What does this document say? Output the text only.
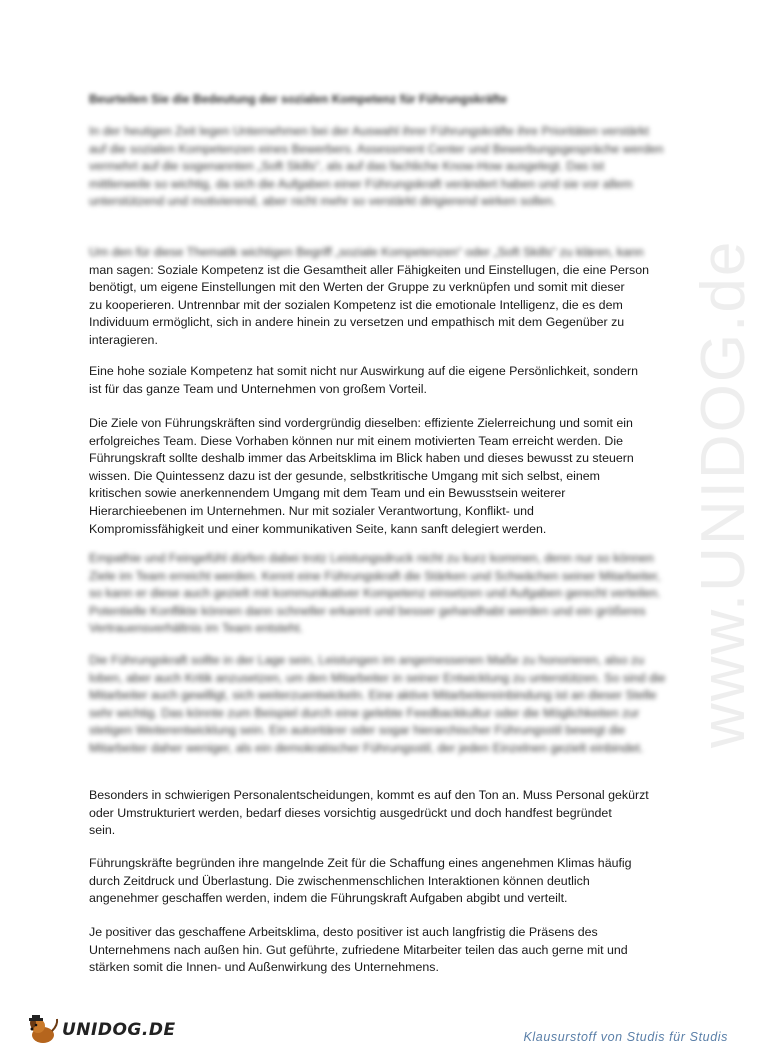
Beurteilen Sie die Bedeutung der sozialen Kompetenz für Führungskräfte

In der heutigen Zeit legen Unternehmen bei der Auswahl ihrer Führungskräfte ihre Prioritäten verstärkt auf die sozialen Kompetenzen eines Bewerbers. Assessment Center und Bewerbungsgespräche werden vermehrt auf die sogenannten „Soft Skills“, als auf das fachliche Know-How ausgelegt. Das ist mittlerweile so wichtig, da sich die Aufgaben einer Führungskraft verändert haben und sie vor allem unterstützend und motivierend, aber nicht mehr so verstärkt dirigierend wirken sollen.

Um den für diese Thematik wichtigen Begriff „soziale Kompetenzen“ oder „Soft Skills“ zu klären, kann
man sagen: Soziale Kompetenz ist die Gesamtheit aller Fähigkeiten und Einstellugen, die eine Person
benötigt, um eigene Einstellungen mit den Werten der Gruppe zu verknüpfen und somit mit dieser
zu kooperieren. Untrennbar mit der sozialen Kompetenz ist die emotionale Intelligenz, die es dem
Individuum ermöglicht, sich in andere hinein zu versetzen und empathisch mit dem Gegenüber zu
interagieren.
Eine hohe soziale Kompetenz hat somit nicht nur Auswirkung auf die eigene Persönlichkeit, sondern
ist für das ganze Team und Unternehmen von großem Vorteil.
Die Ziele von Führungskräften sind vordergründig dieselben: effiziente Zielerreichung und somit ein
erfolgreiches Team. Diese Vorhaben können nur mit einem motivierten Team erreicht werden. Die
Führungskraft sollte deshalb immer das Arbeitsklima im Blick haben und dieses bewusst zu steuern
wissen. Die Quintessenz dazu ist der gesunde, selbstkritische Umgang mit sich selbst, einem
kritischen sowie anerkennendem Umgang mit dem Team und ein Bewusstsein weiterer
Hierarchieebenen im Unternehmen. Nur mit sozialer Verantwortung, Konflikt- und
Kompromissfähigkeit und einer kommunikativen Seite, kann sanft delegiert werden.

Empathie und Feingefühl dürfen dabei trotz Leistungsdruck nicht zu kurz kommen, denn nur so können Ziele im Team erreicht werden. Kennt eine Führungskraft die Stärken und Schwächen seiner Mitarbeiter, so kann er diese auch gezielt mit kommunikativer Kompetenz einsetzen und Aufgaben gerecht verteilen. Potentielle Konflikte können dann schneller erkannt und besser gehandhabt werden und ein größeres Vertrauensverhältnis im Team entsteht.

Die Führungskraft sollte in der Lage sein, Leistungen im angemessenen Maße zu honorieren, also zu loben, aber auch Kritik anzusetzen, um den Mitarbeiter in seiner Entwicklung zu unterstützen. So sind die Mitarbeiter auch gewilligt, sich weiterzuentwickeln. Eine aktive Mitarbeitereinbindung ist an dieser Stelle sehr wichtig. Das könnte zum Beispiel durch eine gelebte Feedbackkultur oder die Möglichkeiten zur stetigen Weiterentwicklung sein. Ein autoritärer oder sogar hierarchischer Führungsstil bewegt die Mitarbeiter daher weniger, als ein demokratischer Führungsstil, der jeden Einzelnen gezielt einbindet.

Besonders in schwierigen Personalentscheidungen, kommt es auf den Ton an. Muss Personal gekürzt
oder Umstrukturiert werden, bedarf dieses vorsichtig ausgedrückt und doch handfest begründet
sein.
Führungskräfte begründen ihre mangelnde Zeit für die Schaffung eines angenehmen Klimas häufig
durch Zeitdruck und Überlastung. Die zwischenmenschlichen Interaktionen können deutlich
angenehmer geschaffen werden, indem die Führungskraft Aufgaben abgibt und verteilt.
Je positiver das geschaffene Arbeitsklima, desto positiver ist auch langfristig die Präsens des
Unternehmens nach außen hin. Gut geführte, zufriedene Mitarbeiter teilen das auch gerne mit und
stärken somit die Innen- und Außenwirkung des Unternehmens.
www.UNIDOG.de
UNIDOG.DE	Klausurstoff von Studis für Studis
